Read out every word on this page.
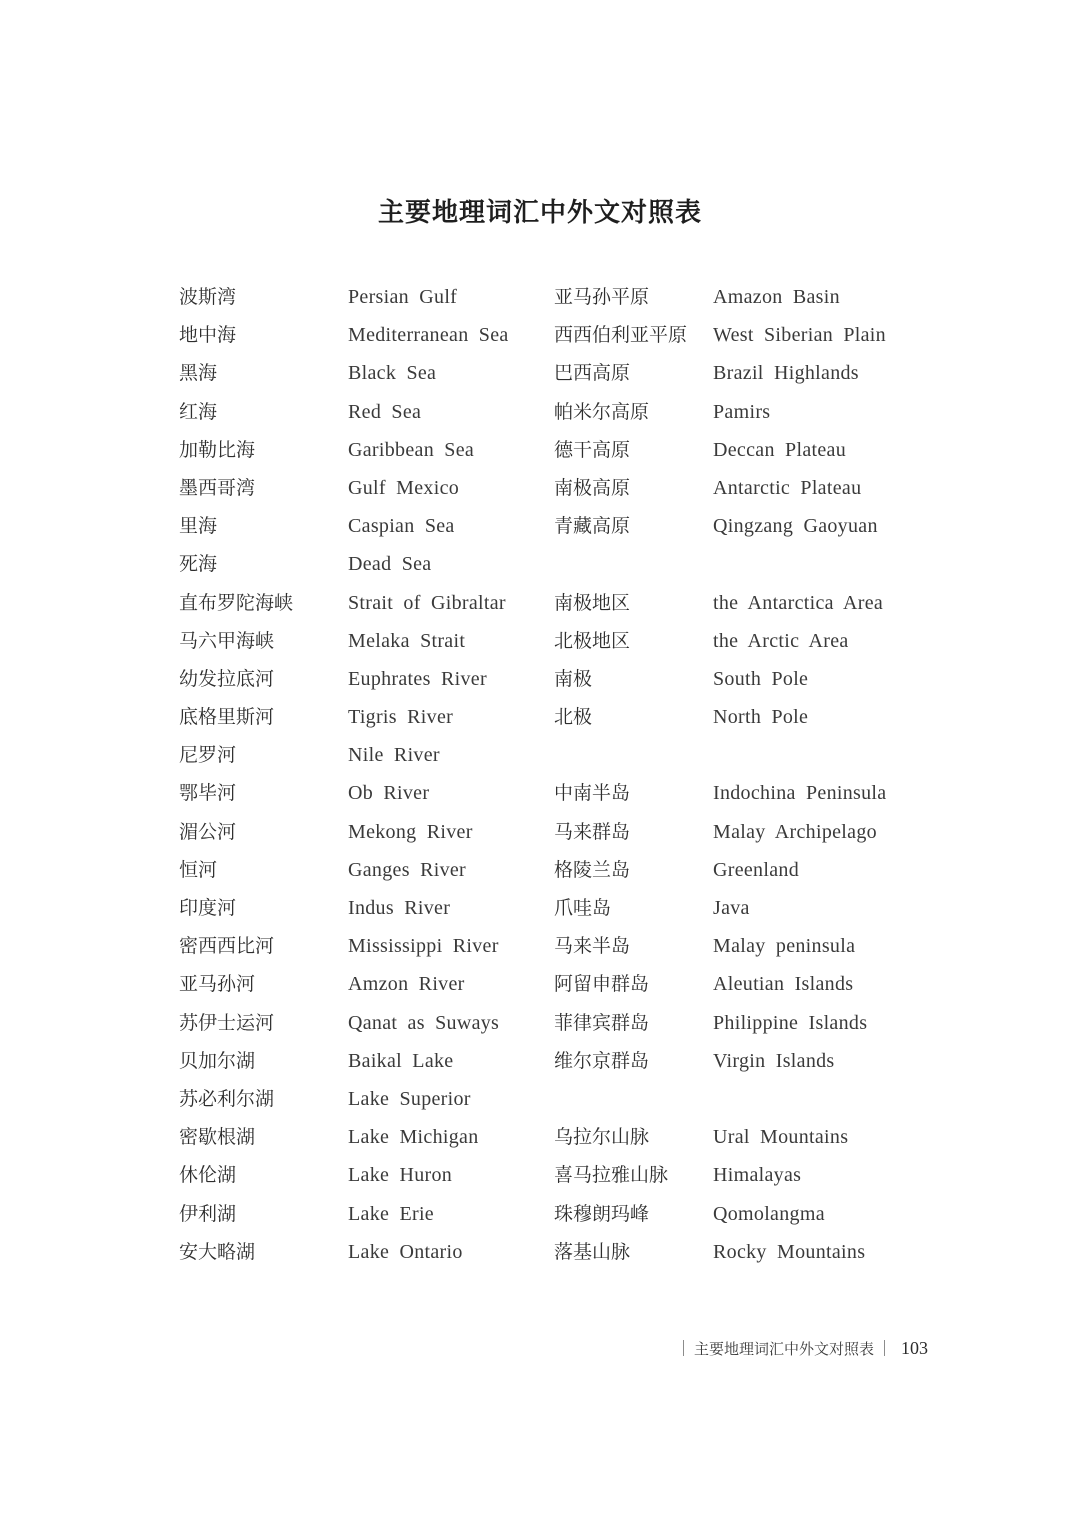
主要地理词汇中外文对照表
波斯湾	Persian Gulf	亚马孙平原	Amazon Basin
地中海	Mediterranean Sea 西西伯利亚平原 West Siberian Plain
黑海	Black Sea	巴西高原	Brazil Highlands
红海	Red Sea	帕米尔高原	Pamirs
加勒比海	Garibbean Sea	德干高原	Deccan Plateau
墨西哥湾	Gulf Mexico	南极高原	Antarctic Plateau
里海	Caspian Sea	青藏高原	Qingzang Gaoyuan
死海	Dead Sea
直布罗陀海峡	Strait of Gibraltar	南极地区	the Antarctica Area
马六甲海峡	Melaka Strait	北极地区	the Arctic Area
幼发拉底河	Euphrates River	南极	South Pole
底格里斯河	Tigris River	北极	North Pole
尼罗河	Nile River
鄂毕河	Ob River	中南半岛	Indochina Peninsula
湄公河	Mekong River	马来群岛	Malay Archipelago
恒河	Ganges River	格陵兰岛	Greenland
印度河	Indus River	爪哇岛	Java
密西西比河	Mississippi River	马来半岛	Malay peninsula
亚马孙河	Amzon River	阿留申群岛	Aleutian Islands
苏伊士运河	Qanat as Suways	菲律宾群岛	Philippine Islands
贝加尔湖	Baikal Lake	维尔京群岛	Virgin Islands
苏必利尔湖	Lake Superior
密歇根湖	Lake Michigan	乌拉尔山脉	Ural Mountains
休伦湖	Lake Huron	喜马拉雅山脉 Himalayas
伊利湖	Lake Erie	珠穆朗玛峰	Qomolangma
安大略湖	Lake Ontario	落基山脉	Rocky Mountains
主要地理词汇中外文对照表 103
